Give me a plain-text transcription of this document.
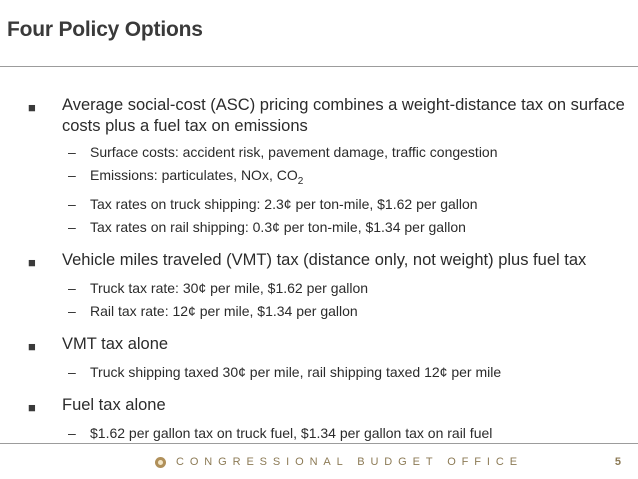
Four Policy Options
■	Average social-cost (ASC) pricing combines a weight-distance tax on surface costs plus a fuel tax on emissions
–	Surface costs: accident risk, pavement damage, traffic congestion
–	Emissions: particulates, NOx, $CO_2$
–	Tax rates on truck shipping: 2.3¢ per ton-mile, $1.62 per gallon
–	Tax rates on rail shipping: 0.3¢ per ton-mile, $1.34 per gallon
■	Vehicle miles traveled (VMT) tax (distance only, not weight) plus fuel tax
–	Truck tax rate: 30¢ per mile, $1.62 per gallon
–	Rail tax rate: 12¢ per mile, $1.34 per gallon
■	VMT tax alone
–	Truck shipping taxed 30¢ per mile, rail shipping taxed 12¢ per mile
■	Fuel tax alone
–	$1.62 per gallon tax on truck fuel, $1.34 per gallon tax on rail fuel
CONGRESSIONAL BUDGET OFFICE	5
